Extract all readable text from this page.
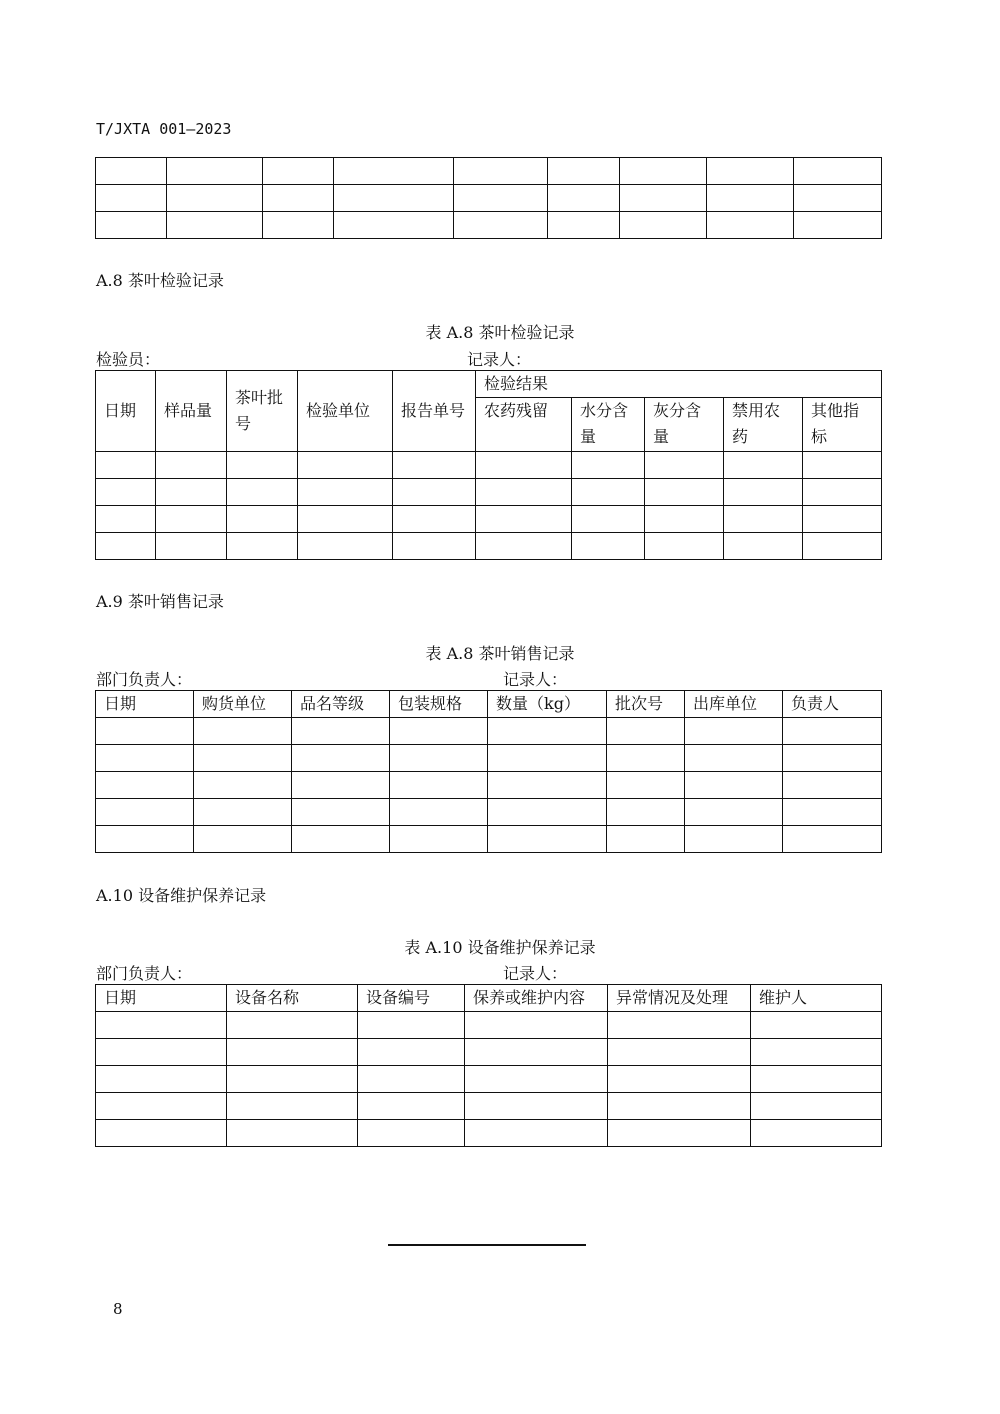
T/JXTA 001—2023

A.8 茶叶检验记录
表 A.8 茶叶检验记录
检验员：	记录人：
日期	样品量	茶叶批号	检验单位	报告单号	检验结果				
					农药残留	水分含量	灰分含量	禁用农药	其他指标

A.9 茶叶销售记录
表 A.8 茶叶销售记录
部门负责人：	记录人：
日期	购货单位	品名等级	包装规格	数量（kg）	批次号	出库单位	负责人

A.10 设备维护保养记录
表 A.10 设备维护保养记录
部门负责人：	记录人：
日期	设备名称	设备编号	保养或维护内容	异常情况及处理	维护人

8
